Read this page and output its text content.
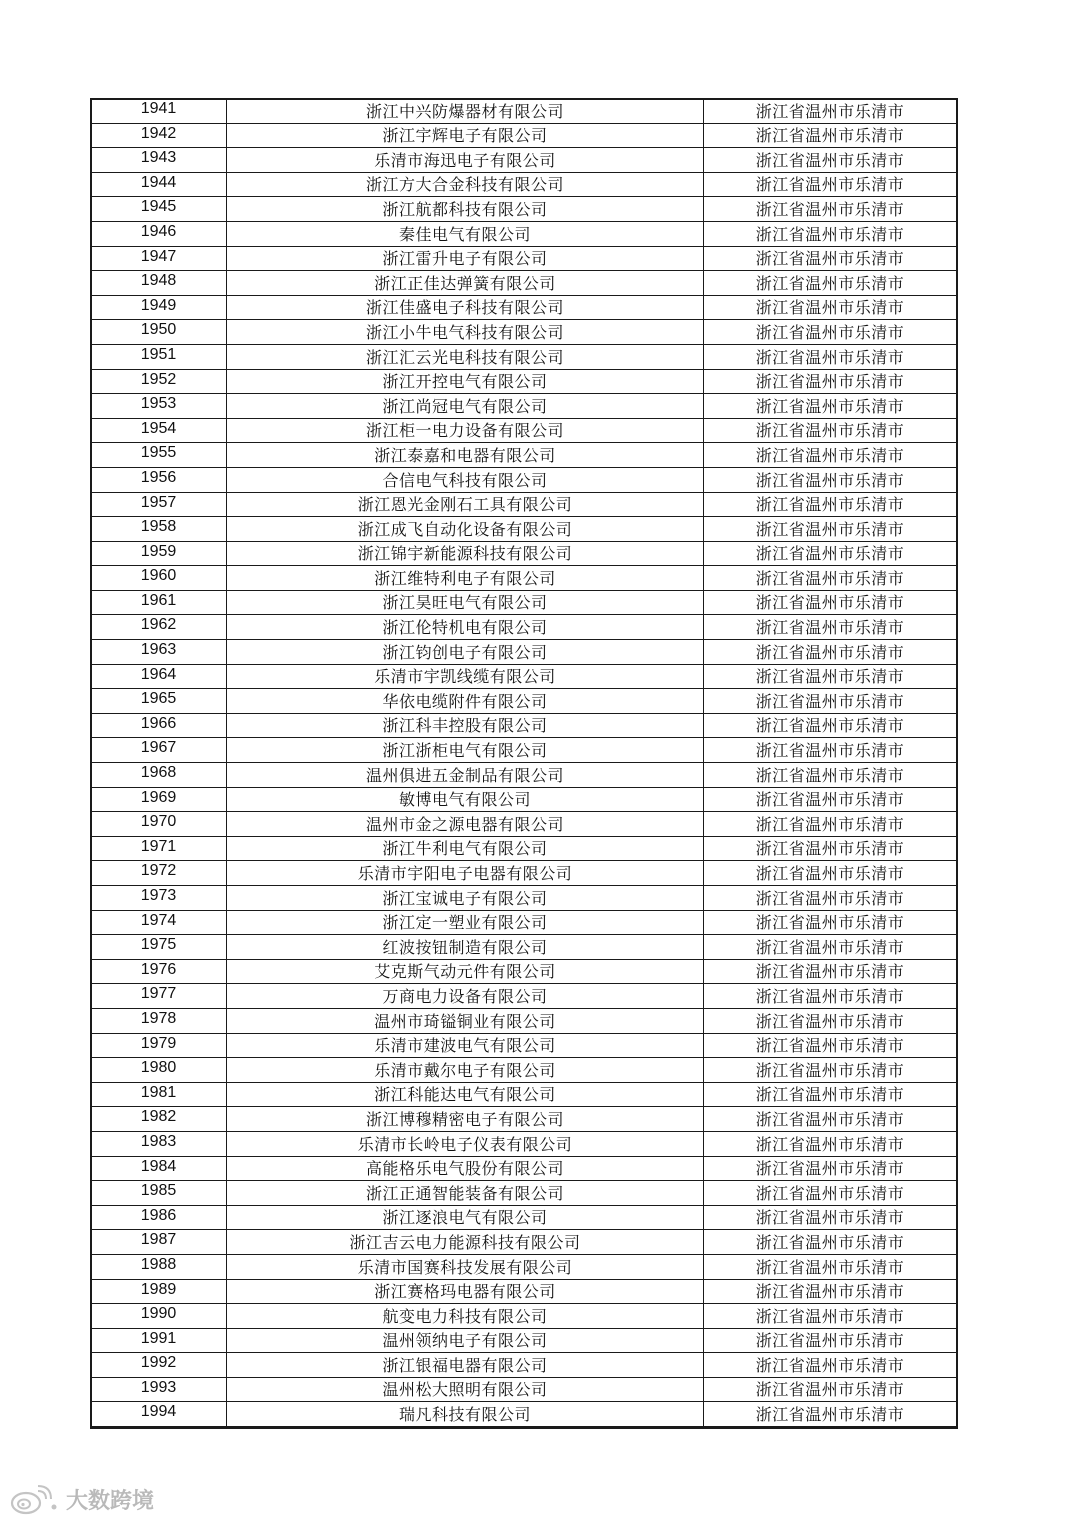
1941	浙江中兴防爆器材有限公司	浙江省温州市乐清市
1942	浙江宇辉电子有限公司	浙江省温州市乐清市
1943	乐清市海迅电子有限公司	浙江省温州市乐清市
1944	浙江方大合金科技有限公司	浙江省温州市乐清市
1945	浙江航都科技有限公司	浙江省温州市乐清市
1946	秦佳电气有限公司	浙江省温州市乐清市
1947	浙江雷升电子有限公司	浙江省温州市乐清市
1948	浙江正佳达弹簧有限公司	浙江省温州市乐清市
1949	浙江佳盛电子科技有限公司	浙江省温州市乐清市
1950	浙江小牛电气科技有限公司	浙江省温州市乐清市
1951	浙江汇云光电科技有限公司	浙江省温州市乐清市
1952	浙江开控电气有限公司	浙江省温州市乐清市
1953	浙江尚冠电气有限公司	浙江省温州市乐清市
1954	浙江柜一电力设备有限公司	浙江省温州市乐清市
1955	浙江泰嘉和电器有限公司	浙江省温州市乐清市
1956	合信电气科技有限公司	浙江省温州市乐清市
1957	浙江恩光金刚石工具有限公司	浙江省温州市乐清市
1958	浙江成飞自动化设备有限公司	浙江省温州市乐清市
1959	浙江锦宇新能源科技有限公司	浙江省温州市乐清市
1960	浙江维特利电子有限公司	浙江省温州市乐清市
1961	浙江昊旺电气有限公司	浙江省温州市乐清市
1962	浙江伦特机电有限公司	浙江省温州市乐清市
1963	浙江钧创电子有限公司	浙江省温州市乐清市
1964	乐清市宇凯线缆有限公司	浙江省温州市乐清市
1965	华依电缆附件有限公司	浙江省温州市乐清市
1966	浙江科丰控股有限公司	浙江省温州市乐清市
1967	浙江浙柜电气有限公司	浙江省温州市乐清市
1968	温州俱进五金制品有限公司	浙江省温州市乐清市
1969	敏博电气有限公司	浙江省温州市乐清市
1970	温州市金之源电器有限公司	浙江省温州市乐清市
1971	浙江牛利电气有限公司	浙江省温州市乐清市
1972	乐清市宇阳电子电器有限公司	浙江省温州市乐清市
1973	浙江宝诚电子有限公司	浙江省温州市乐清市
1974	浙江定一塑业有限公司	浙江省温州市乐清市
1975	红波按钮制造有限公司	浙江省温州市乐清市
1976	艾克斯气动元件有限公司	浙江省温州市乐清市
1977	万商电力设备有限公司	浙江省温州市乐清市
1978	温州市琦镒铜业有限公司	浙江省温州市乐清市
1979	乐清市建波电气有限公司	浙江省温州市乐清市
1980	乐清市戴尔电子有限公司	浙江省温州市乐清市
1981	浙江科能达电气有限公司	浙江省温州市乐清市
1982	浙江博穆精密电子有限公司	浙江省温州市乐清市
1983	乐清市长岭电子仪表有限公司	浙江省温州市乐清市
1984	高能格乐电气股份有限公司	浙江省温州市乐清市
1985	浙江正通智能装备有限公司	浙江省温州市乐清市
1986	浙江逐浪电气有限公司	浙江省温州市乐清市
1987	浙江吉云电力能源科技有限公司	浙江省温州市乐清市
1988	乐清市国赛科技发展有限公司	浙江省温州市乐清市
1989	浙江赛格玛电器有限公司	浙江省温州市乐清市
1990	航变电力科技有限公司	浙江省温州市乐清市
1991	温州领纳电子有限公司	浙江省温州市乐清市
1992	浙江银福电器有限公司	浙江省温州市乐清市
1993	温州松大照明有限公司	浙江省温州市乐清市
1994	瑞凡科技有限公司	浙江省温州市乐清市
大数跨境
